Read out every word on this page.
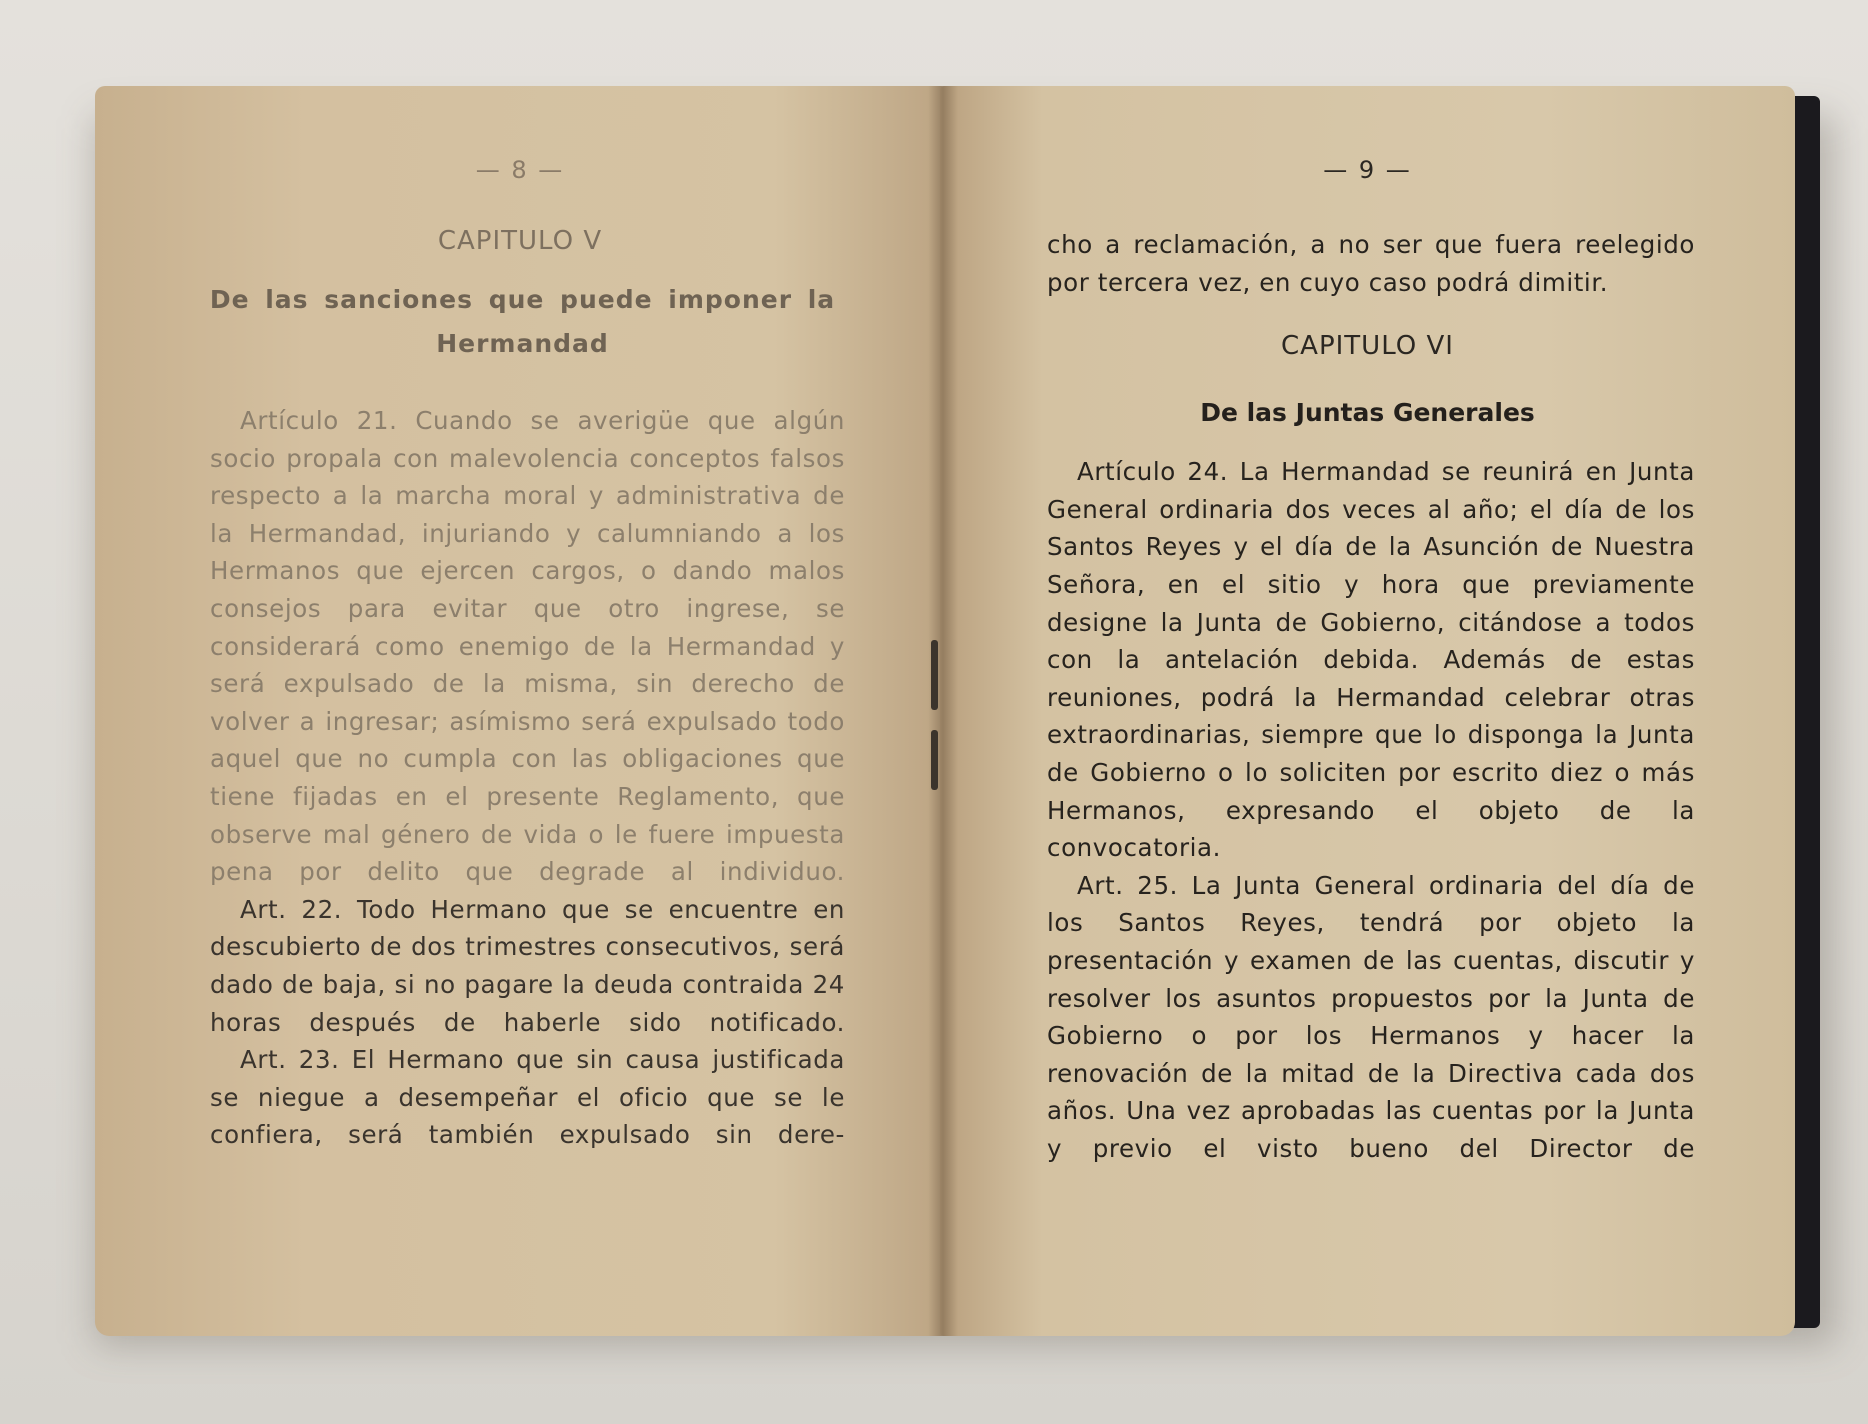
— 8 —
CAPITULO V
De las sanciones que puede imponer la Hermandad

Artículo 21. Cuando se averigüe que algún socio propala con malevolencia conceptos falsos respecto a la marcha moral y administrativa de la Hermandad, injuriando y calumniando a los Hermanos que ejercen cargos, o dando malos consejos para evitar que otro ingrese, se considerará como enemigo de la Hermandad y será expulsado de la misma, sin derecho de volver a ingresar; asímismo será expulsado todo aquel que no cumpla con las obligaciones que tiene fijadas en el presente Reglamento, que observe mal género de vida o le fuere impuesta pena por delito que degrade al individuo.

Art. 22. Todo Hermano que se encuentre en descubierto de dos trimestres consecutivos, será dado de baja, si no pagare la deuda contraida 24 horas después de haberle sido notificado.

Art. 23. El Hermano que sin causa justificada se niegue a desempeñar el oficio que se le confiera, será también expulsado sin dere-

— 9 —

cho a reclamación, a no ser que fuera reelegido por tercera vez, en cuyo caso podrá dimitir.

CAPITULO VI
De las Juntas Generales

Artículo 24. La Hermandad se reunirá en Junta General ordinaria dos veces al año; el día de los Santos Reyes y el día de la Asunción de Nuestra Señora, en el sitio y hora que previamente designe la Junta de Gobierno, citándose a todos con la antelación debida. Además de estas reuniones, podrá la Hermandad celebrar otras extraordinarias, siempre que lo disponga la Junta de Gobierno o lo soliciten por escrito diez o más Hermanos, expresando el objeto de la convocatoria.

Art. 25. La Junta General ordinaria del día de los Santos Reyes, tendrá por objeto la presentación y examen de las cuentas, discutir y resolver los asuntos propuestos por la Junta de Gobierno o por los Hermanos y hacer la renovación de la mitad de la Directiva cada dos años. Una vez aprobadas las cuentas por la Junta y previo el visto bueno del Director de
